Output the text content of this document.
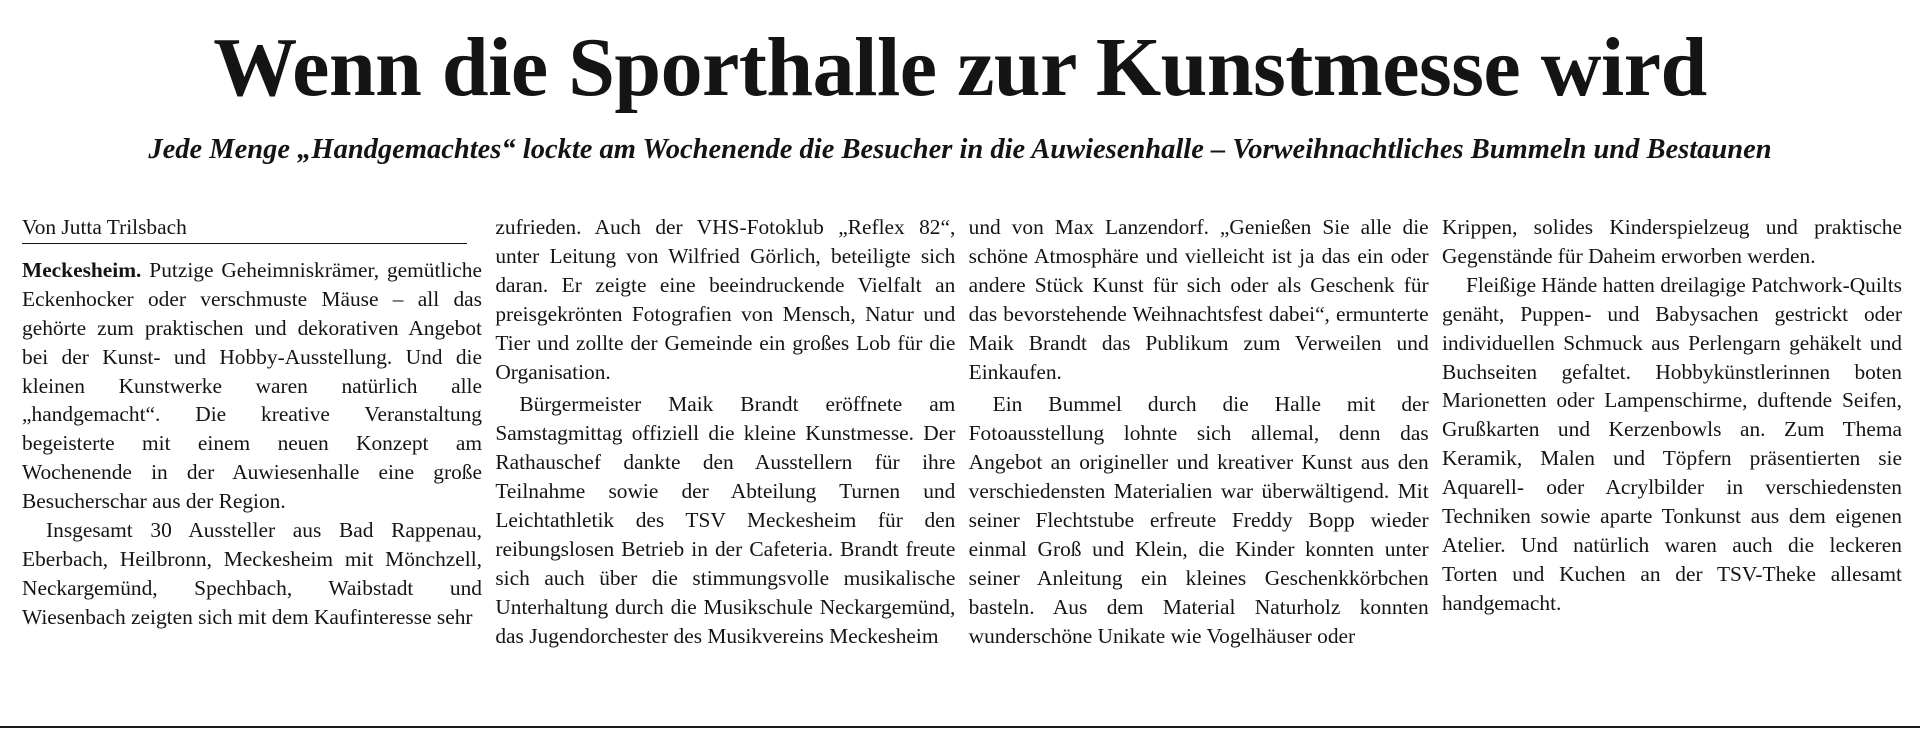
Wenn die Sporthalle zur Kunstmesse wird
Jede Menge „Handgemachtes“ lockte am Wochenende die Besucher in die Auwiesenhalle – Vorweihnachtliches Bummeln und Bestaunen
Von Jutta Trilsbach

Meckesheim. Putzige Geheimniskrämer, gemütliche Eckenhocker oder verschmuste Mäuse – all das gehörte zum praktischen und dekorativen Angebot bei der Kunst- und Hobby-Ausstellung. Und die kleinen Kunstwerke waren natürlich alle „handgemacht“. Die kreative Veranstaltung begeisterte mit einem neuen Konzept am Wochenende in der Auwiesenhalle eine große Besucherschar aus der Region.

Insgesamt 30 Aussteller aus Bad Rappenau, Eberbach, Heilbronn, Meckesheim mit Mönchzell, Neckargemünd, Spechbach, Waibstadt und Wiesenbach zeigten sich mit dem Kaufinteresse sehr

zufrieden. Auch der VHS-Fotoklub „Reflex 82“, unter Leitung von Wilfried Görlich, beteiligte sich daran. Er zeigte eine beeindruckende Vielfalt an preisgekrönten Fotografien von Mensch, Natur und Tier und zollte der Gemeinde ein großes Lob für die Organisation.

Bürgermeister Maik Brandt eröffnete am Samstagmittag offiziell die kleine Kunstmesse. Der Rathauschef dankte den Ausstellern für ihre Teilnahme sowie der Abteilung Turnen und Leichtathletik des TSV Meckesheim für den reibungslosen Betrieb in der Cafeteria. Brandt freute sich auch über die stimmungsvolle musikalische Unterhaltung durch die Musikschule Neckargemünd, das Jugendorchester des Musikvereins Meckesheim

und von Max Lanzendorf. „Genießen Sie alle die schöne Atmosphäre und vielleicht ist ja das ein oder andere Stück Kunst für sich oder als Geschenk für das bevorstehende Weihnachtsfest dabei“, ermunterte Maik Brandt das Publikum zum Verweilen und Einkaufen.

Ein Bummel durch die Halle mit der Fotoausstellung lohnte sich allemal, denn das Angebot an origineller und kreativer Kunst aus den verschiedensten Materialien war überwältigend. Mit seiner Flechtstube erfreute Freddy Bopp wieder einmal Groß und Klein, die Kinder konnten unter seiner Anleitung ein kleines Geschenkkörbchen basteln. Aus dem Material Naturholz konnten wunderschöne Unikate wie Vogelhäuser oder

Krippen, solides Kinderspielzeug und praktische Gegenstände für Daheim erworben werden.

Fleißige Hände hatten dreilagige Patchwork-Quilts genäht, Puppen- und Babysachen gestrickt oder individuellen Schmuck aus Perlengarn gehäkelt und Buchseiten gefaltet. Hobbykünstlerinnen boten Marionetten oder Lampenschirme, duftende Seifen, Grußkarten und Kerzenbowls an. Zum Thema Keramik, Malen und Töpfern präsentierten sie Aquarell- oder Acrylbilder in verschiedensten Techniken sowie aparte Tonkunst aus dem eigenen Atelier. Und natürlich waren auch die leckeren Torten und Kuchen an der TSV-Theke allesamt handgemacht.
